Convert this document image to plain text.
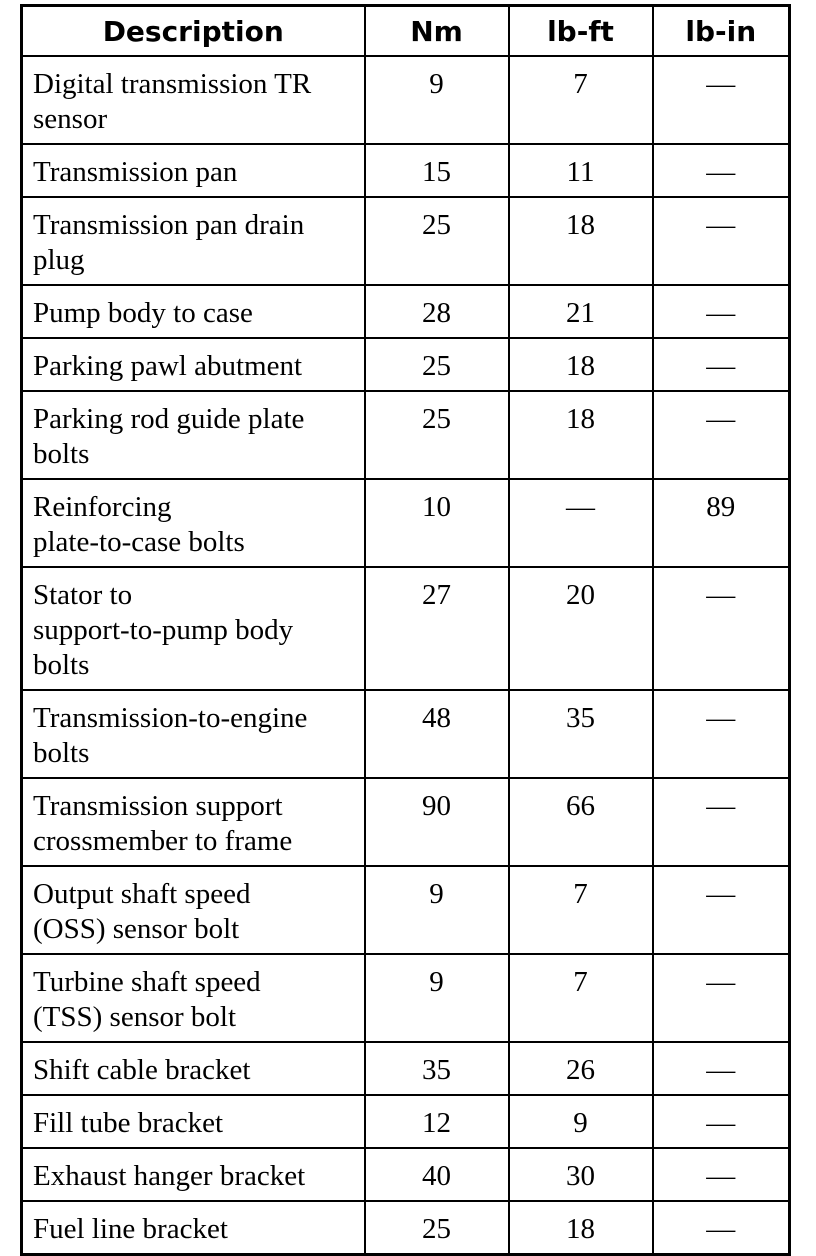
Description	Nm	lb-ft	lb-in

Digital transmission TR
sensor	9	7	—

Transmission pan	15	11	—

Transmission pan drain
plug	25	18	—

Pump body to case	28	21	—

Parking pawl abutment	25	18	—

Parking rod guide plate
bolts	25	18	—

Reinforcing
plate-to-case bolts	10	—	89

Stator to
support-to-pump body
bolts	27	20	—

Transmission-to-engine
bolts	48	35	—

Transmission support
crossmember to frame	90	66	—

Output shaft speed
(OSS) sensor bolt	9	7	—

Turbine shaft speed
(TSS) sensor bolt	9	7	—

Shift cable bracket	35	26	—

Fill tube bracket	12	9	—

Exhaust hanger bracket	40	30	—

Fuel line bracket	25	18	—
